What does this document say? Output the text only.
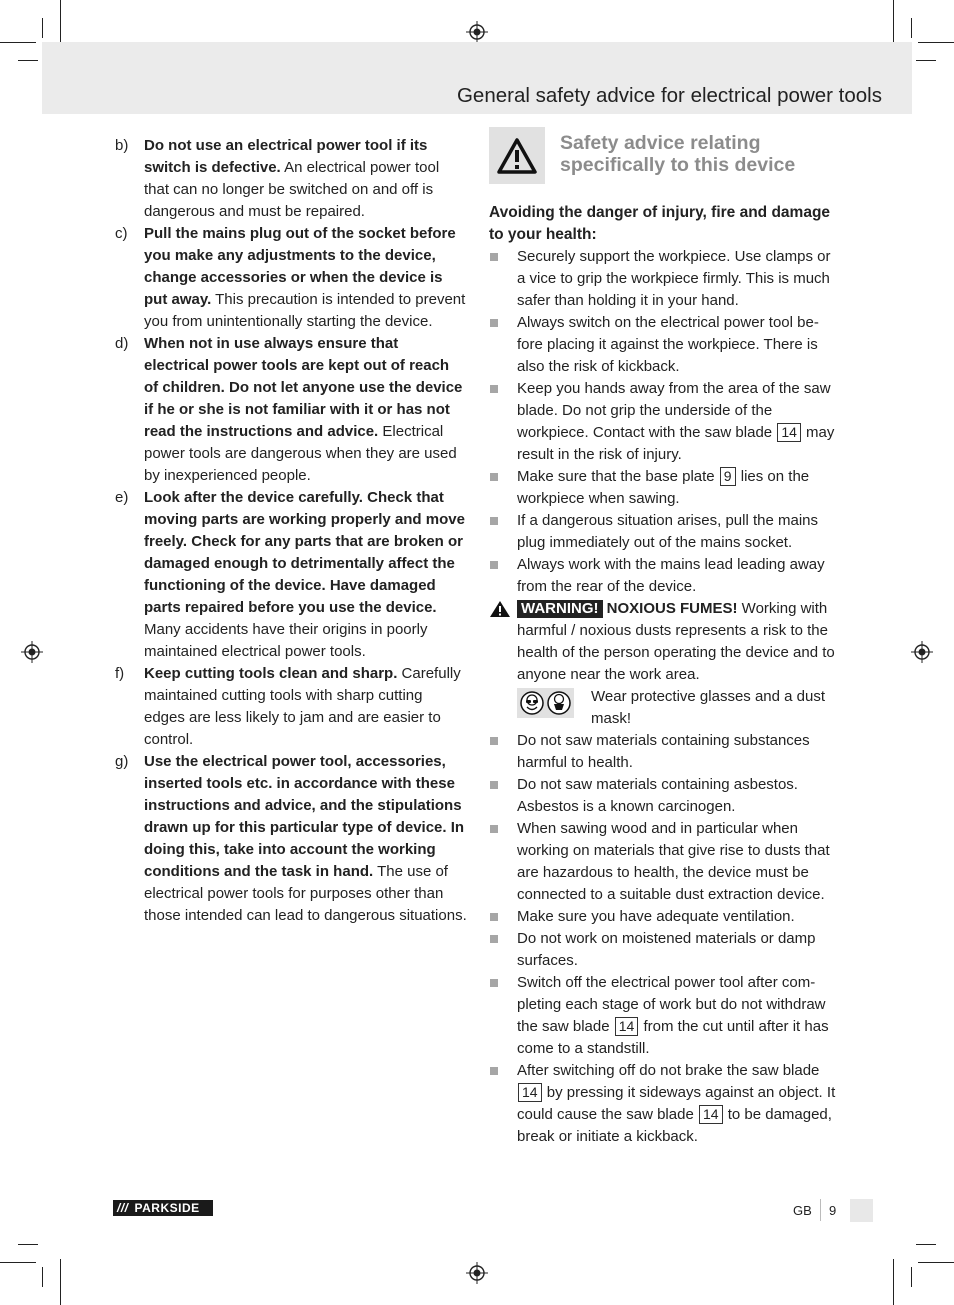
General safety advice for electrical power tools
b) Do not use an electrical power tool if its switch is defective. An electrical power tool that can no longer be switched on and off is dangerous and must be repaired.
c) Pull the mains plug out of the socket before you make any adjustments to the device, change accessories or when the device is put away. This precaution is intended to prevent you from unintentionally starting the device.
d) When not in use always ensure that electrical power tools are kept out of reach of children. Do not let anyone use the device if he or she is not familiar with it or has not read the instructions and advice. Electrical power tools are dangerous when they are used by inexperienced people.
e) Look after the device carefully. Check that moving parts are working properly and move freely. Check for any parts that are broken or damaged enough to detrimentally affect the functioning of the device. Have damaged parts repaired before you use the device. Many accidents have their origins in poorly maintained electrical power tools.
f) Keep cutting tools clean and sharp. Carefully maintained cutting tools with sharp cutting edges are less likely to jam and are easier to control.
g) Use the electrical power tool, accessories, inserted tools etc. in accordance with these instructions and advice, and the stipulations drawn up for this particular type of device. In doing this, take into account the working conditions and the task in hand. The use of electrical power tools for purposes other than those intended can lead to dangerous situations.
Safety advice relating specifically to this device
Avoiding the danger of injury, fire and damage to your health:
Securely support the workpiece. Use clamps or a vice to grip the workpiece firmly. This is much safer than holding it in your hand.
Always switch on the electrical power tool before placing it against the workpiece. There is also the risk of kickback.
Keep you hands away from the area of the saw blade. Do not grip the underside of the workpiece. Contact with the saw blade 14 may result in the risk of injury.
Make sure that the base plate 9 lies on the workpiece when sawing.
If a dangerous situation arises, pull the mains plug immediately out of the mains socket.
Always work with the mains lead leading away from the rear of the device.
WARNING! NOXIOUS FUMES! Working with harmful / noxious dusts represents a risk to the health of the person operating the device and to anyone near the work area.
Wear protective glasses and a dust mask!
Do not saw materials containing substances harmful to health.
Do not saw materials containing asbestos. Asbestos is a known carcinogen.
When sawing wood and in particular when working on materials that give rise to dusts that are hazardous to health, the device must be connected to a suitable dust extraction device.
Make sure you have adequate ventilation.
Do not work on moistened materials or damp surfaces.
Switch off the electrical power tool after completing each stage of work but do not withdraw the saw blade 14 from the cut until after it has come to a standstill.
After switching off do not brake the saw blade 14 by pressing it sideways against an object. It could cause the saw blade 14 to be damaged, break or initiate a kickback.
/// PARKSIDE	GB 9
